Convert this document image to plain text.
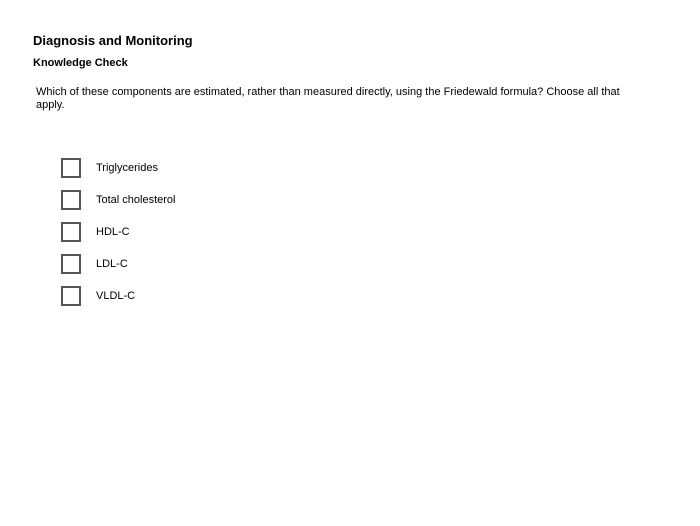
Diagnosis and Monitoring
Knowledge Check

Which of these components are estimated, rather than measured directly, using the Friedewald formula? Choose all that apply.

Triglycerides
Total cholesterol
HDL-C
LDL-C
VLDL-C
